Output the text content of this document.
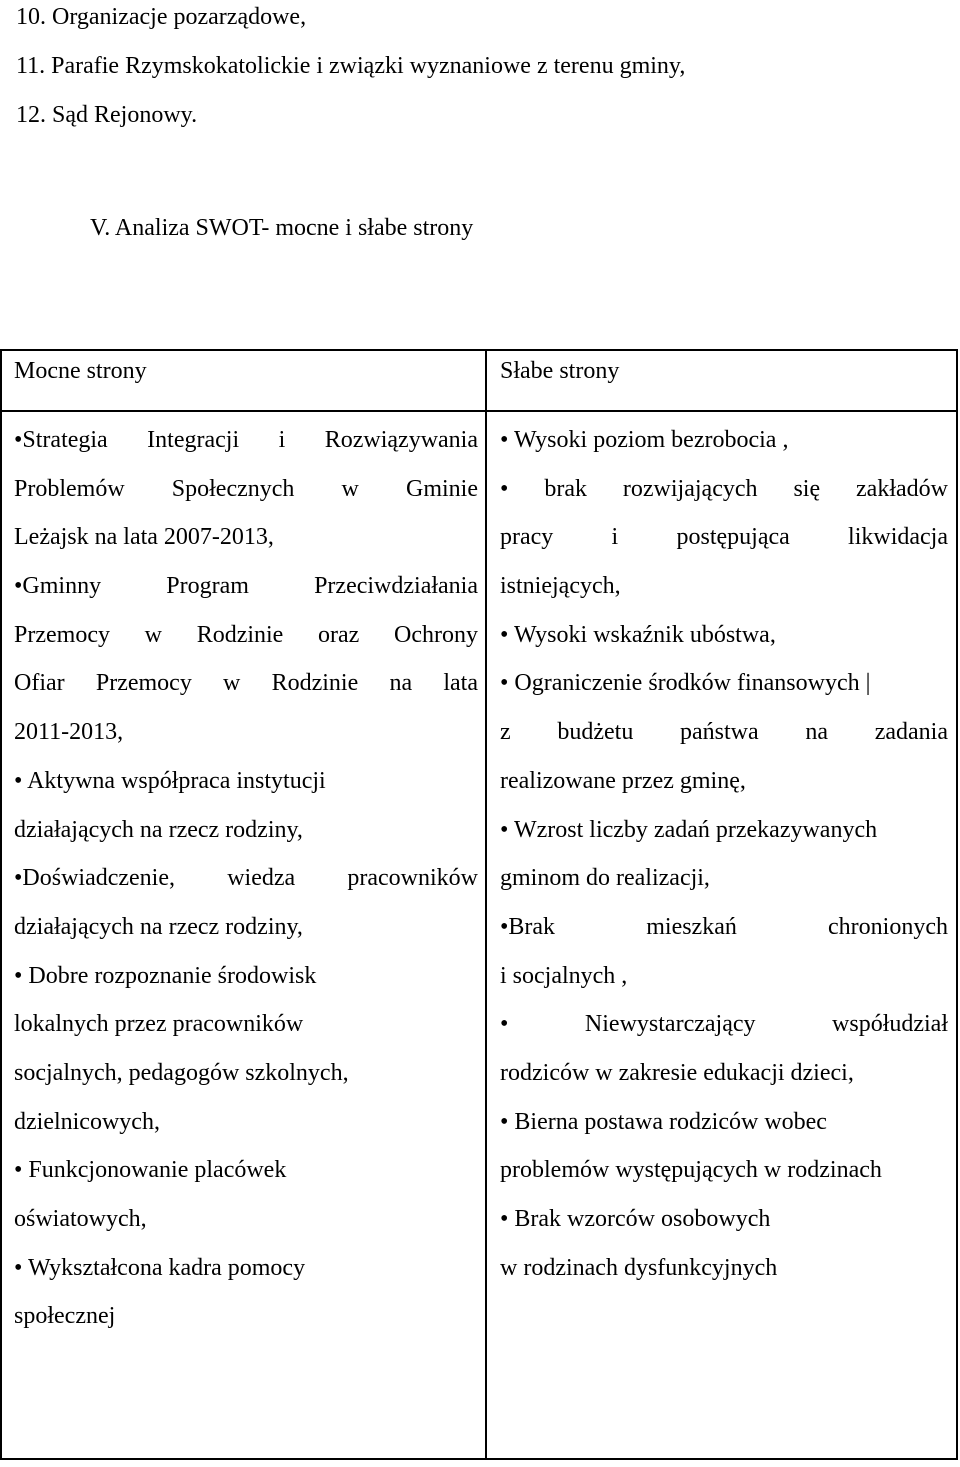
10. Organizacje pozarządowe,
11. Parafie Rzymskokatolickie i związki wyznaniowe z terenu gminy,
12. Sąd Rejonowy.
V. Analiza SWOT- mocne i słabe strony
Mocne strony	Słabe strony
•Strategia Integracji i Rozwiązywania
Problemów Społecznych w Gminie
Leżajsk na lata 2007-2013,
•Gminny Program Przeciwdziałania
Przemocy w Rodzinie oraz Ochrony
Ofiar Przemocy w Rodzinie na lata
2011-2013,
• Aktywna współpraca instytucji
działających na rzecz rodziny,
•Doświadczenie, wiedza pracowników
działających na rzecz rodziny,
• Dobre rozpoznanie środowisk
lokalnych przez pracowników
socjalnych, pedagogów szkolnych,
dzielnicowych,
• Funkcjonowanie placówek
oświatowych,
• Wykształcona kadra pomocy
społecznej
• Wysoki poziom bezrobocia ,
• brak rozwijających się zakładów
pracy i postępująca likwidacja
istniejących,
• Wysoki wskaźnik ubóstwa,
• Ograniczenie środków finansowych |
z budżetu państwa na zadania
realizowane przez gminę,
• Wzrost liczby zadań przekazywanych
gminom do realizacji,
•Brak mieszkań chronionych
i socjalnych ,
• Niewystarczający współudział
rodziców w zakresie edukacji dzieci,
• Bierna postawa rodziców wobec
problemów występujących w rodzinach
• Brak wzorców osobowych
w rodzinach dysfunkcyjnych
